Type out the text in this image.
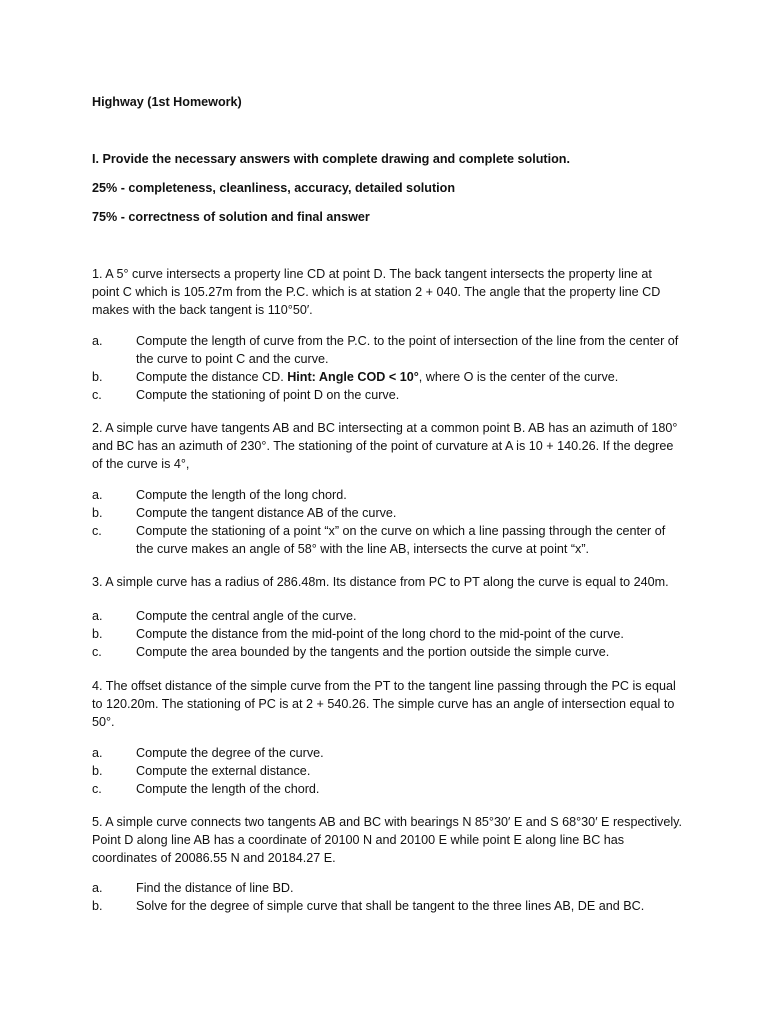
Highway (1st Homework)
I. Provide the necessary answers with complete drawing and complete solution.
25% - completeness, cleanliness, accuracy, detailed solution
75% - correctness of solution and final answer

1. A 5° curve intersects a property line CD at point D. The back tangent intersects the property line at point C which is 105.27m from the P.C. which is at station 2 + 040. The angle that the property line CD makes with the back tangent is 110°50′.

a.	Compute the length of curve from the P.C. to the point of intersection of the line from the center of the curve to point C and the curve.
b.	Compute the distance CD. Hint: Angle COD < 10°, where O is the center of the curve.
c.	Compute the stationing of point D on the curve.

2. A simple curve have tangents AB and BC intersecting at a common point B. AB has an azimuth of 180° and BC has an azimuth of 230°. The stationing of the point of curvature at A is 10 + 140.26. If the degree of the curve is 4°,

a.	Compute the length of the long chord.
b.	Compute the tangent distance AB of the curve.
c.	Compute the stationing of a point “x” on the curve on which a line passing through the center of the curve makes an angle of 58° with the line AB, intersects the curve at point “x”.

3. A simple curve has a radius of 286.48m. Its distance from PC to PT along the curve is equal to 240m.

a.	Compute the central angle of the curve.
b.	Compute the distance from the mid-point of the long chord to the mid-point of the curve.
c.	Compute the area bounded by the tangents and the portion outside the simple curve.

4. The offset distance of the simple curve from the PT to the tangent line passing through the PC is equal to 120.20m. The stationing of PC is at 2 + 540.26. The simple curve has an angle of intersection equal to 50°.

a.	Compute the degree of the curve.
b.	Compute the external distance.
c.	Compute the length of the chord.

5. A simple curve connects two tangents AB and BC with bearings N 85°30′ E and S 68°30′ E respectively. Point D along line AB has a coordinate of 20100 N and 20100 E while point E along line BC has coordinates of 20086.55 N and 20184.27 E.

a.	Find the distance of line BD.
b.	Solve for the degree of simple curve that shall be tangent to the three lines AB, DE and BC.
